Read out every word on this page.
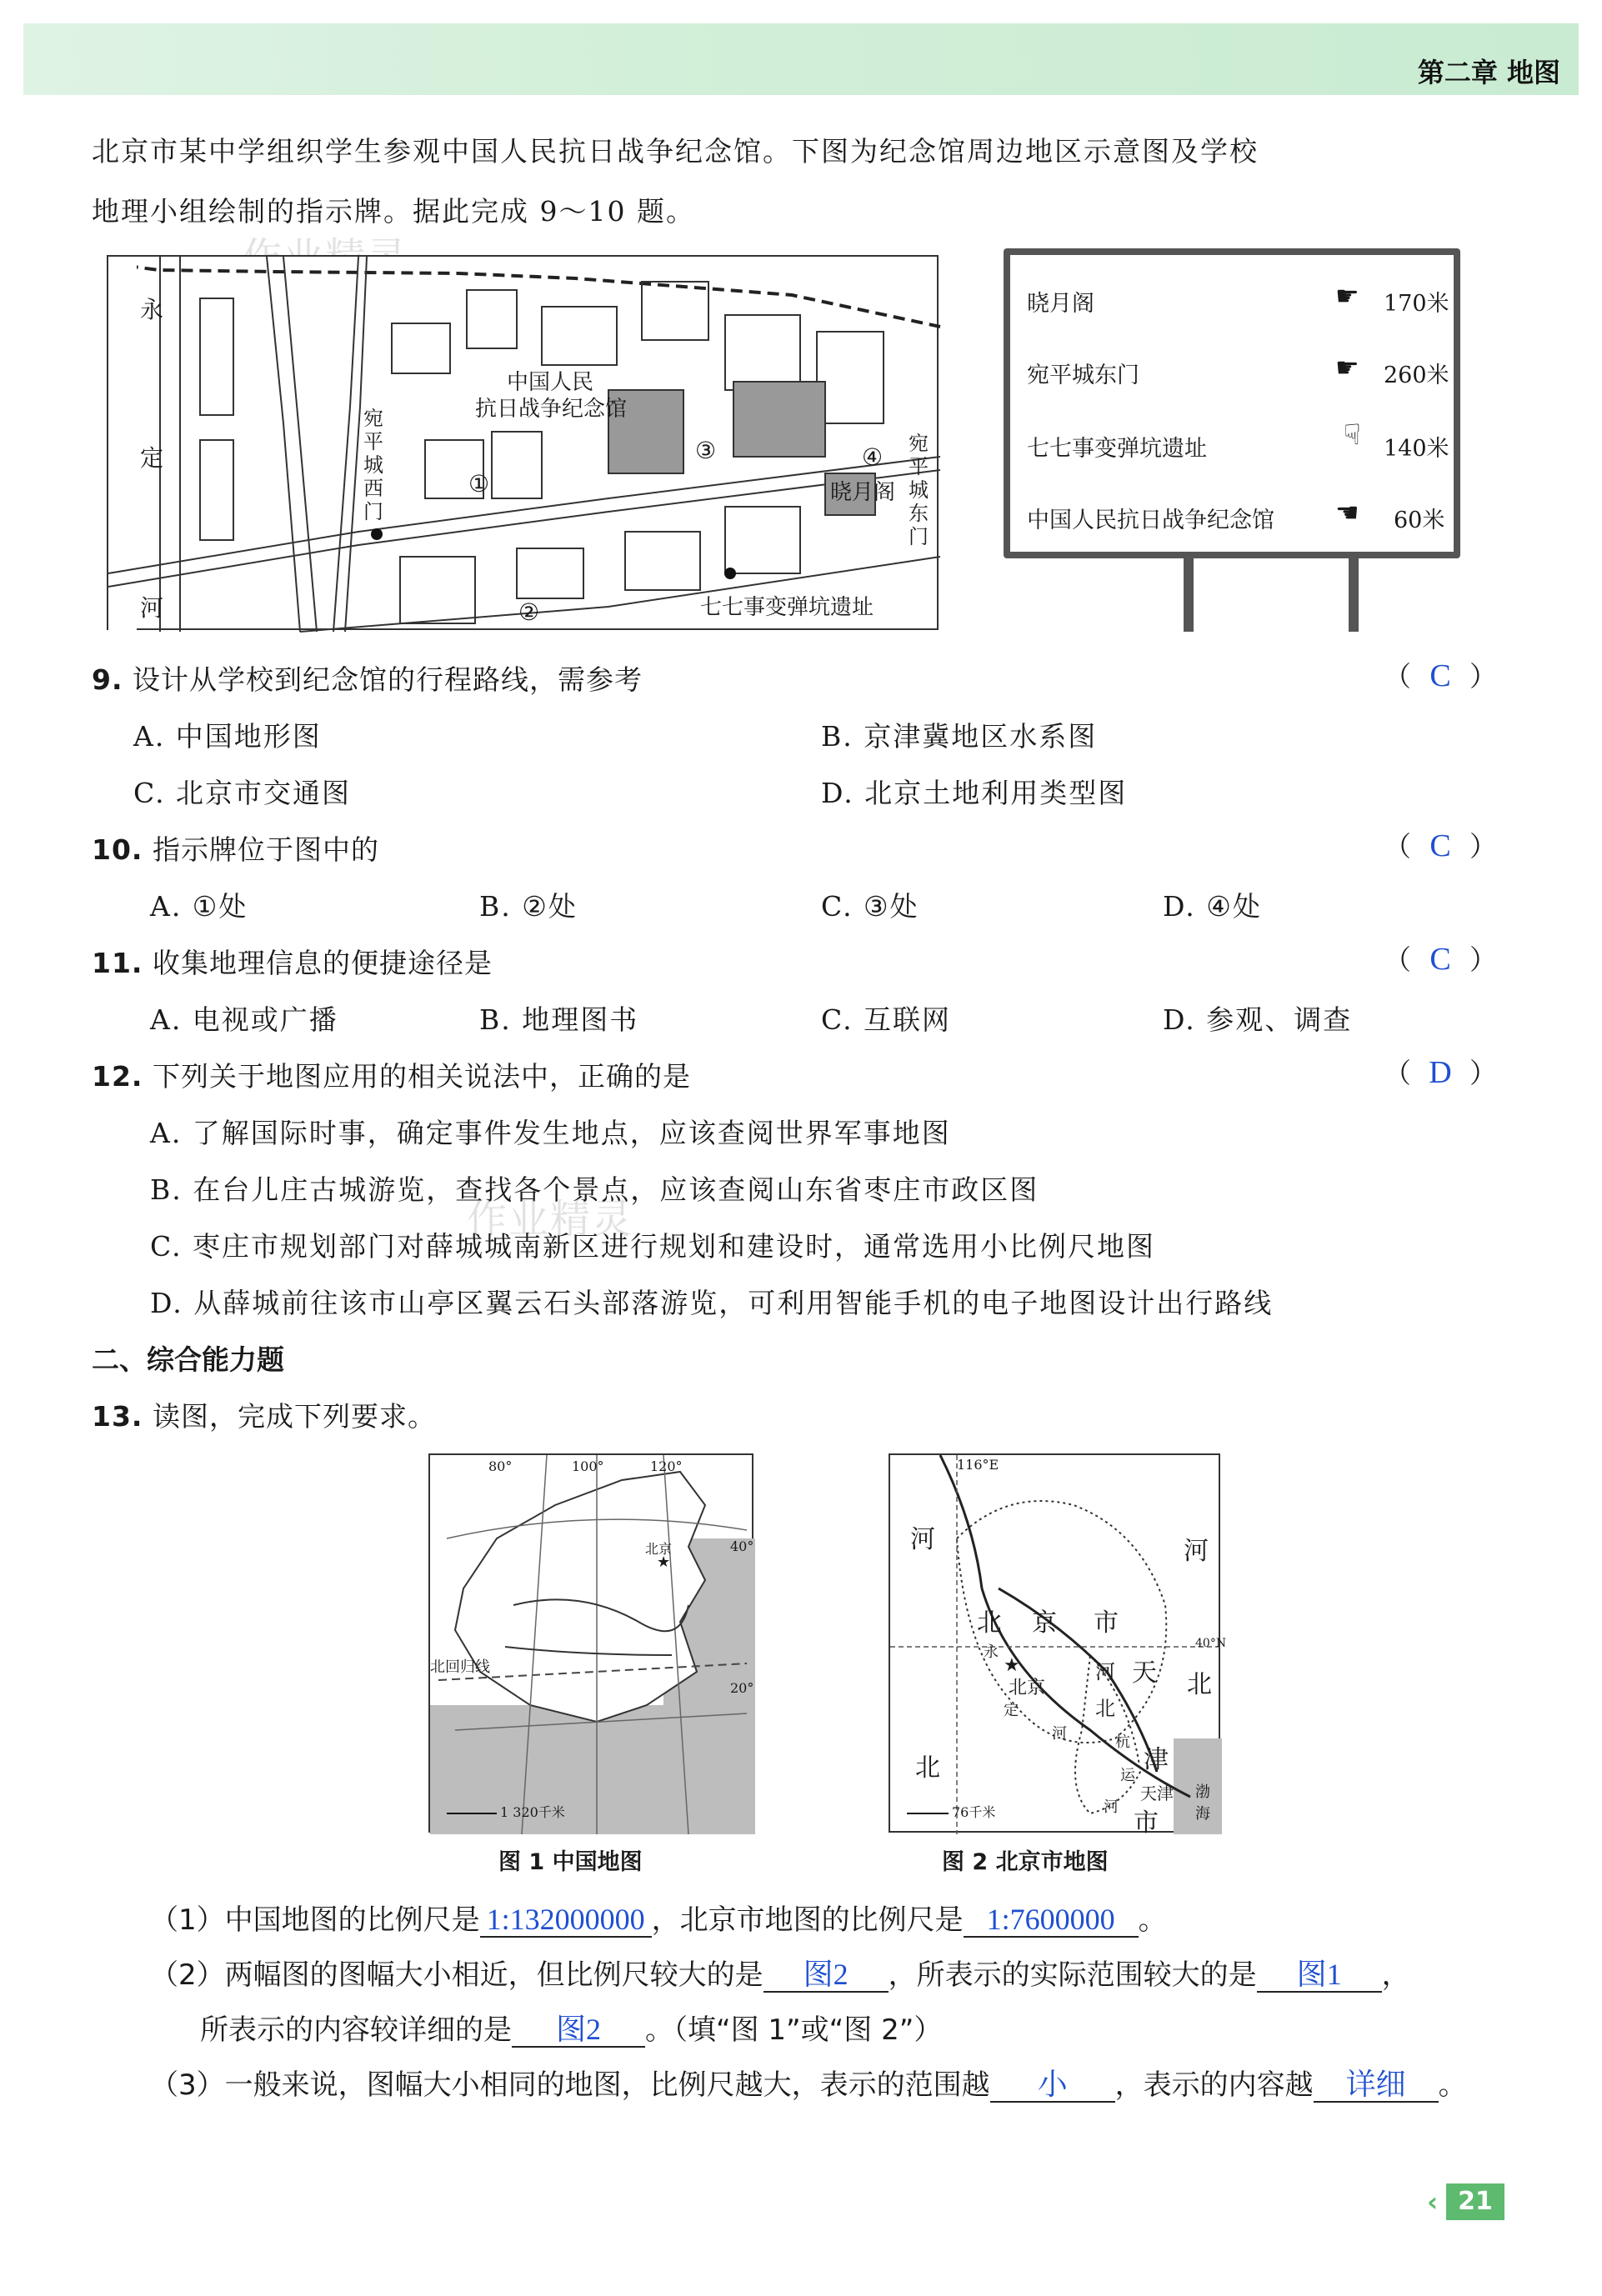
第二章 地图
北京市某中学组织学生参观中国人民抗日战争纪念馆。下图为纪念馆周边地区示意图及学校
地理小组绘制的指示牌。据此完成 9～10 题。
永
定
河
中国人民
抗日战争纪念馆
宛
平
城
西
门
宛
平
城
东
门
晓月阁
七七事变弹坑遗址
①
②
③	④
晓月阁	☛ 170米
宛平城东门	☛ 260米
七七事变弹坑遗址	☟ 140米
中国人民抗日战争纪念馆 ☚ 60米
9. 设计从学校到纪念馆的行程路线，需参考	（ C ）
A. 中国地形图	B. 京津冀地区水系图
C. 北京市交通图	D. 北京土地利用类型图
10. 指示牌位于图中的	（ C ）
A. ①处	B. ②处	C. ③处	D. ④处
11. 收集地理信息的便捷途径是	（ C ）
A. 电视或广播	B. 地理图书	C. 互联网	D. 参观、调查
12. 下列关于地图应用的相关说法中，正确的是	（ D ）
A. 了解国际时事，确定事件发生地点，应该查阅世界军事地图
B. 在台儿庄古城游览，查找各个景点，应该查阅山东省枣庄市政区图
C. 枣庄市规划部门对薛城城南新区进行规划和建设时，通常选用小比例尺地图
D. 从薛城前往该市山亭区翼云石头部落游览，可利用智能手机的电子地图设计出行路线
作业精灵
二、综合能力题
13. 读图，完成下列要求。
80°	100°	120°
40°
20°
北回归线
北京
★
1 320千米
图 1 中国地图
116°E
40°N
河	河
北 京 市
永
★
北京
定
河 天 北
北
津
天津
市
渤
海
北
河
河
杭
运
76千米
图 2 北京市地图
（1）中国地图的比例尺是 1:132000000 ，北京市地图的比例尺是 1:7600000 。
（2）两幅图的图幅大小相近，但比例尺较大的是 图2 ，所表示的实际范围较大的是 图1 ，
所表示的内容较详细的是 图2 。（填“图 1”或“图 2”）
（3）一般来说，图幅大小相同的地图，比例尺越大，表示的范围越 小 ，表示的内容越 详细 。
‹ 21
